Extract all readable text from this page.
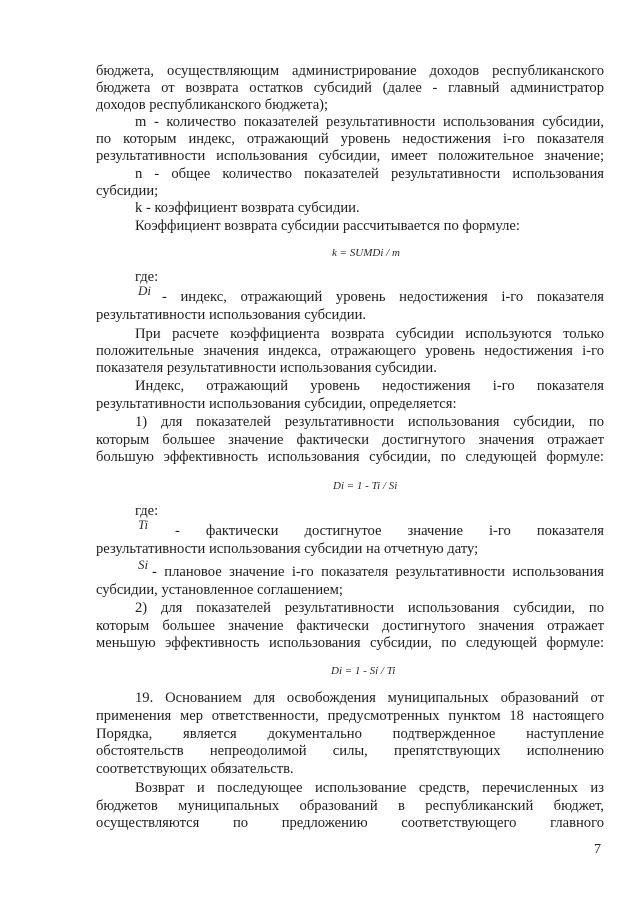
бюджета, осуществляющим администрирование доходов республиканского
бюджета от возврата остатков субсидий (далее - главный администратор
доходов республиканского бюджета);
m - количество показателей результативности использования субсидии,
по которым индекс, отражающий уровень недостижения i-го показателя
результативности использования субсидии, имеет положительное значение;
n - общее количество показателей результативности использования
субсидии;
k - коэффициент возврата субсидии.
Коэффициент возврата субсидии рассчитывается по формуле:
k = SUMDi / m
где:
Di - индекс, отражающий уровень недостижения i-го показателя
результативности использования субсидии.
При расчете коэффициента возврата субсидии используются только
положительные значения индекса, отражающего уровень недостижения i-го
показателя результативности использования субсидии.
Индекс, отражающий уровень недостижения i-го показателя
результативности использования субсидии, определяется:
1) для показателей результативности использования субсидии, по
которым большее значение фактически достигнутого значения отражает
большую эффективность использования субсидии, по следующей формуле:
Di = 1 - Ti / Si
где:
Ti - фактически достигнутое значение i-го показателя
результативности использования субсидии на отчетную дату;
Si - плановое значение i-го показателя результативности использования
субсидии, установленное соглашением;
2) для показателей результативности использования субсидии, по
которым большее значение фактически достигнутого значения отражает
меньшую эффективность использования субсидии, по следующей формуле:
Di = 1 - Si / Ti
19. Основанием для освобождения муниципальных образований от
применения мер ответственности, предусмотренных пунктом 18 настоящего
Порядка, является документально подтвержденное наступление
обстоятельств непреодолимой силы, препятствующих исполнению
соответствующих обязательств.
Возврат и последующее использование средств, перечисленных из
бюджетов муниципальных образований в республиканский бюджет,
осуществляются по предложению соответствующего главного
7
